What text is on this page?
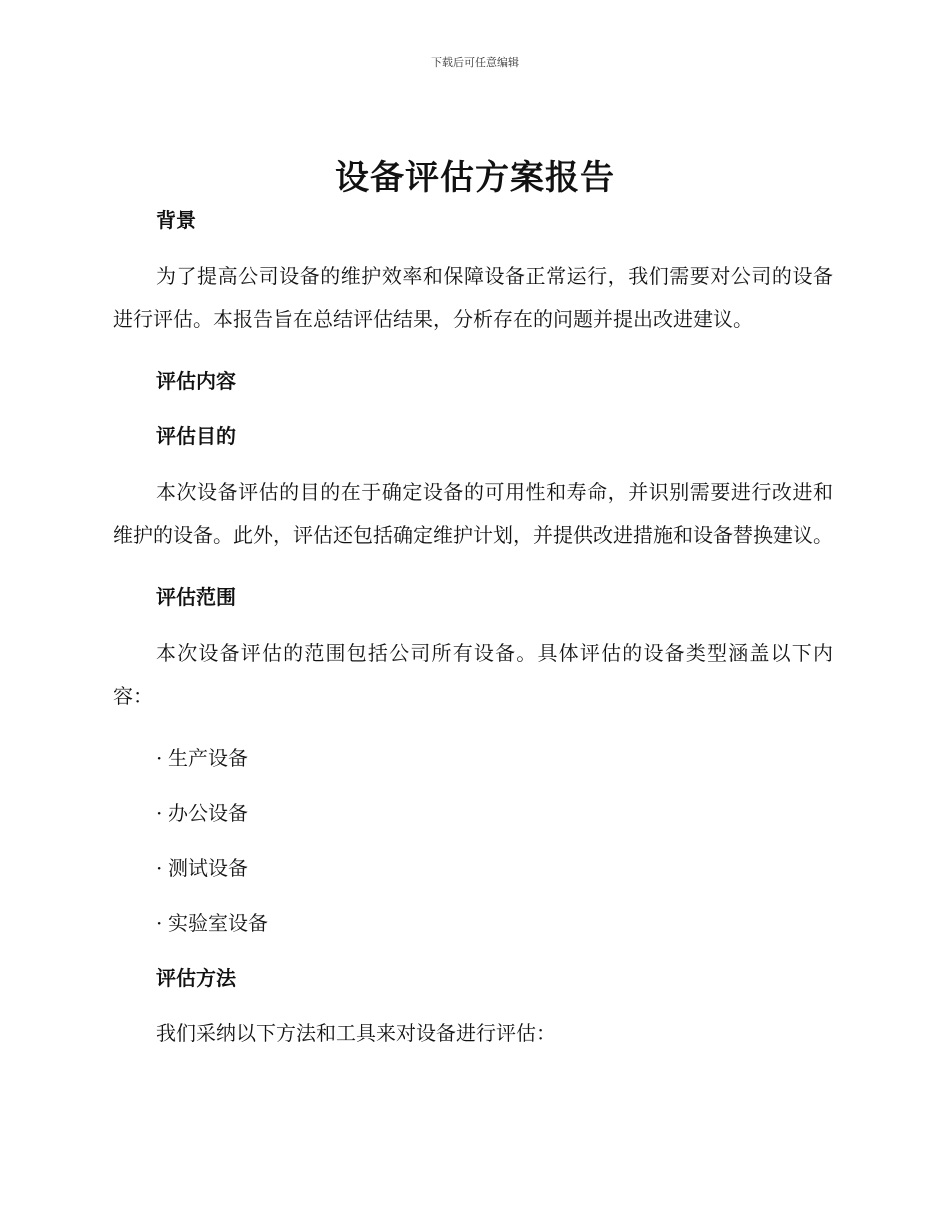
下载后可任意编辑
设备评估方案报告
背景

为了提高公司设备的维护效率和保障设备正常运行，我们需要对公司的设备进行评估。本报告旨在总结评估结果，分析存在的问题并提出改进建议。

评估内容
评估目的

本次设备评估的目的在于确定设备的可用性和寿命，并识别需要进行改进和维护的设备。此外，评估还包括确定维护计划，并提供改进措施和设备替换建议。

评估范围

本次设备评估的范围包括公司所有设备。具体评估的设备类型涵盖以下内容：

· 生产设备
· 办公设备
· 测试设备
· 实验室设备
评估方法

我们采纳以下方法和工具来对设备进行评估：
